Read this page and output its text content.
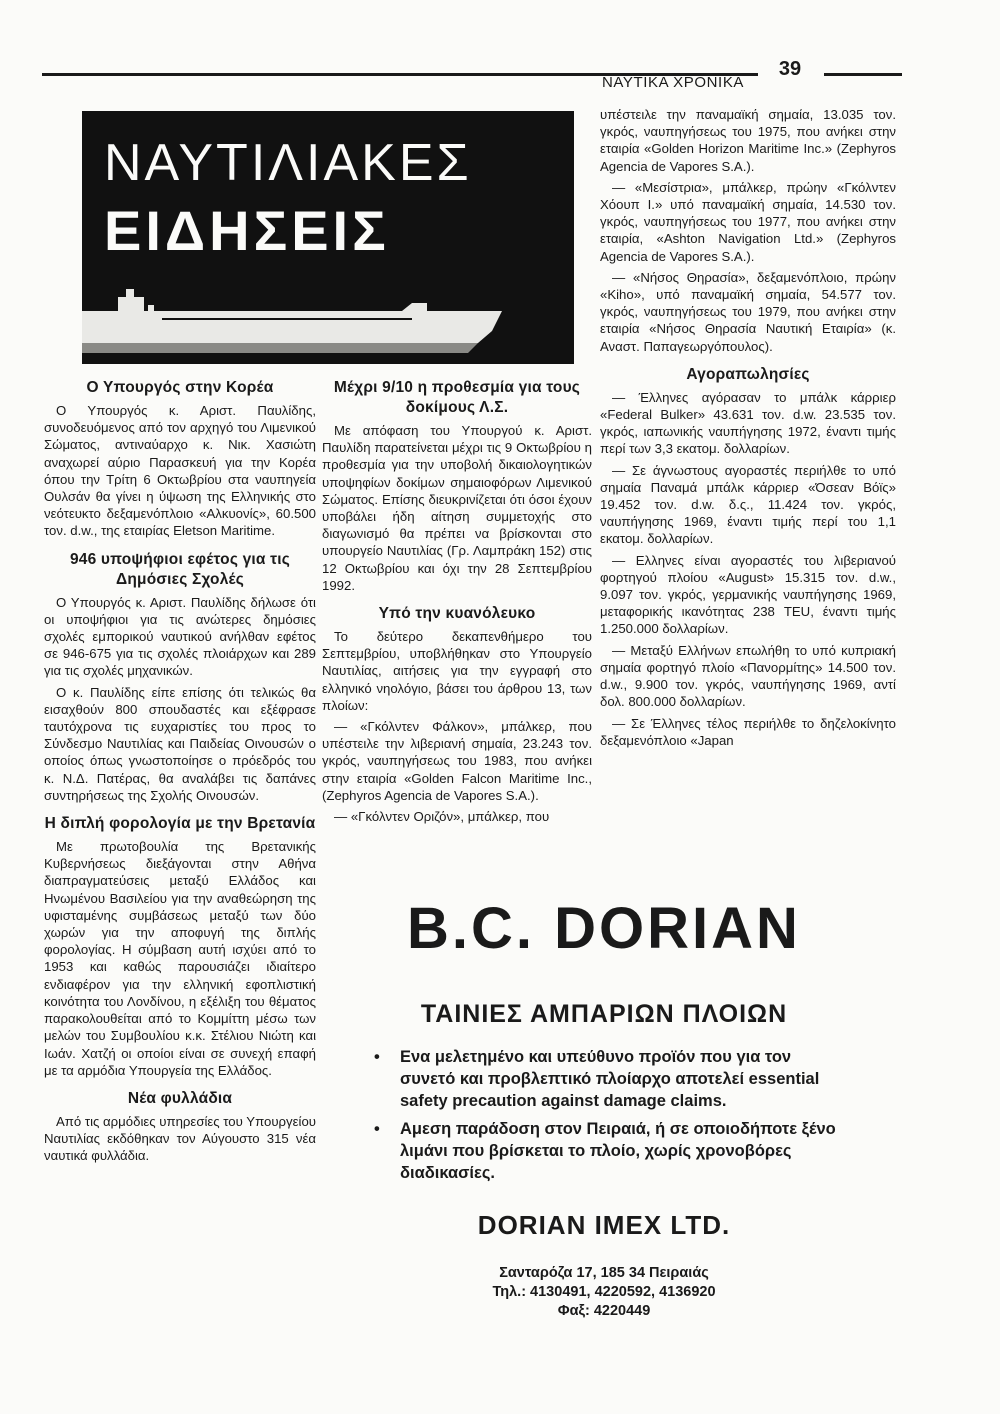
ΝΑΥΤΙΚΑ ΧΡΟΝΙΚΑ
39
ΝΑΥΤΙΛΙΑΚΕΣ
ΕΙΔΗΣΕΙΣ
Ο Υπουργός στην Κορέα

Ο Υπουργός κ. Αριστ. Παυλίδης, συνοδευόμενος από τον αρχηγό του Λιμενικού Σώματος, αντιναύαρχο κ. Νικ. Χασιώτη αναχωρεί αύριο Παρασκευή για την Κορέα όπου την Τρίτη 6 Οκτωβρίου στα ναυπηγεία Ουλσάν θα γίνει η ύψωση της Ελληνικής στο νεότευκτο δεξαμενόπλοιο «Αλκυονίς», 60.500 τον. d.w., της εταιρίας Eletson Maritime.

946 υποψήφιοι εφέτος για τις Δημόσιες Σχολές

Ο Υπουργός κ. Αριστ. Παυλίδης δήλωσε ότι οι υποψήφιοι για τις ανώτερες δημόσιες σχολές εμπορικού ναυτικού ανήλθαν εφέτος σε 946-675 για τις σχολές πλοιάρχων και 289 για τις σχολές μηχανικών.

Ο κ. Παυλίδης είπε επίσης ότι τελικώς θα εισαχθούν 800 σπουδαστές και εξέφρασε ταυτόχρονα τις ευχαριστίες του προς το Σύνδεσμο Ναυτιλίας και Παιδείας Οινουσών ο οποίος όπως γνωστοποίησε ο πρόεδρός του κ. Ν.Δ. Πατέρας, θα αναλάβει τις δαπάνες συντηρήσεως της Σχολής Οινουσών.

Η διπλή φορολογία με την Βρετανία

Με πρωτοβουλία της Βρετανικής Κυβερνήσεως διεξάγονται στην Αθήνα διαπραγματεύσεις μεταξύ Ελλάδος και Ηνωμένου Βασιλείου για την αναθεώρηση της υφισταμένης συμβάσεως μεταξύ των δύο χωρών για την αποφυγή της διπλής φορολογίας. Η σύμβαση αυτή ισχύει από το 1953 και καθώς παρουσιάζει ιδιαίτερο ενδιαφέρον για την ελληνική εφοπλιστική κοινότητα του Λονδίνου, η εξέλιξη του θέματος παρακολουθείται από το Κομμίττη μέσω των μελών του Συμβουλίου κ.κ. Στέλιου Νιώτη και Ιωάν. Χατζή οι οποίοι είναι σε συνεχή επαφή με τα αρμόδια Υπουργεία της Ελλάδος.

Νέα φυλλάδια

Από τις αρμόδιες υπηρεσίες του Υπουργείου Ναυτιλίας εκδόθηκαν τον Αύγουστο 315 νέα ναυτικά φυλλάδια.

Μέχρι 9/10 η προθεσμία για τους δοκίμους Λ.Σ.

Με απόφαση του Υπουργού κ. Αριστ. Παυλίδη παρατείνεται μέχρι τις 9 Οκτωβρίου η προθεσμία για την υποβολή δικαιολογητικών υποψηφίων δοκίμων σημαιοφόρων Λιμενικού Σώματος. Επίσης διευκρινίζεται ότι όσοι έχουν υποβάλει ήδη αίτηση συμμετοχής στο διαγωνισμό θα πρέπει να βρίσκονται στο υπουργείο Ναυτιλίας (Γρ. Λαμπράκη 152) στις 12 Οκτωβρίου και όχι την 28 Σεπτεμβρίου 1992.

Υπό την κυανόλευκο

Το δεύτερο δεκαπενθήμερο του Σεπτεμβρίου, υποβλήθηκαν στο Υπουργείο Ναυτιλίας, αιτήσεις για την εγγραφή στο ελληνικό νηολόγιο, βάσει του άρθρου 13, των πλοίων:

— «Γκόλντεν Φάλκον», μπάλκερ, που υπέστειλε την λιβεριανή σημαία, 23.243 τον. γκρός, ναυπηγήσεως του 1983, που ανήκει στην εταιρία «Golden Falcon Maritime Inc., (Zephyros Agencia de Vapores S.A.).

— «Γκόλντεν Οριζόν», μπάλκερ, που

υπέστειλε την παναμαϊκή σημαία, 13.035 τον. γκρός, ναυπηγήσεως του 1975, που ανήκει στην εταιρία «Golden Horizon Maritime Inc.» (Zephyros Agencia de Vapores S.A.).

— «Μεσίστρια», μπάλκερ, πρώην «Γκόλντεν Χόουπ Ι.» υπό παναμαϊκή σημαία, 14.530 τον. γκρός, ναυπηγήσεως του 1977, που ανήκει στην εταιρία, «Ashton Navigation Ltd.» (Zephyros Agencia de Vapores S.A.).

— «Νήσος Θηρασία», δεξαμενόπλοιο, πρώην «Kiho», υπό παναμαϊκή σημαία, 54.577 τον. γκρός, ναυπηγήσεως του 1979, που ανήκει στην εταιρία «Νήσος Θηρασία Ναυτική Εταιρία» (κ. Αναστ. Παπαγεωργόπουλος).

Αγοραπωλησίες

— Έλληνες αγόρασαν το μπάλκ κάρριερ «Federal Bulker» 43.631 τον. d.w. 23.535 τον. γκρός, ιαπωνικής ναυπήγησης 1972, έναντι τιμής περί των 3,3 εκατομ. δολλαρίων.

— Σε άγνωστους αγοραστές περιήλθε το υπό σημαία Παναμά μπάλκ κάρριερ «Όσεαν Βόϊς» 19.452 τον. d.w. δ.ς., 11.424 τον. γκρός, ναυπήγησης 1969, έναντι τιμής περί του 1,1 εκατομ. δολλαρίων.

— Ελληνες είναι αγοραστές του λιβεριανού φορτηγού πλοίου «August» 15.315 τον. d.w., 9.097 τον. γκρός, γερμανικής ναυπήγησης 1969, μεταφορικής ικανότητας 238 TEU, έναντι τιμής 1.250.000 δολλαρίων.

— Μεταξύ Ελλήνων επωλήθη το υπό κυπριακή σημαία φορτηγό πλοίο «Πανορμίτης» 14.500 τον. d.w., 9.900 τον. γκρός, ναυπήγησης 1969, αντί δολ. 800.000 δολλαρίων.

— Σε Έλληνες τέλος περιήλθε το δηζελοκίνητο δεξαμενόπλοιο «Japan

B.C. DORIAN
ΤΑΙΝΙΕΣ ΑΜΠΑΡΙΩΝ ΠΛΟΙΩΝ
• Ενα μελετημένο και υπεύθυνο προϊόν που για τον συνετό και προβλεπτικό πλοίαρχο αποτελεί essential safety precaution against damage claims.
• Αμεση παράδοση στον Πειραιά, ή σε οποιοδήποτε ξένο λιμάνι που βρίσκεται το πλοίο, χωρίς χρονοβόρες διαδικασίες.
DORIAN IMEX LTD.
Σανταρόζα 17, 185 34 Πειραιάς
Τηλ.: 4130491, 4220592, 4136920
Φαξ: 4220449
